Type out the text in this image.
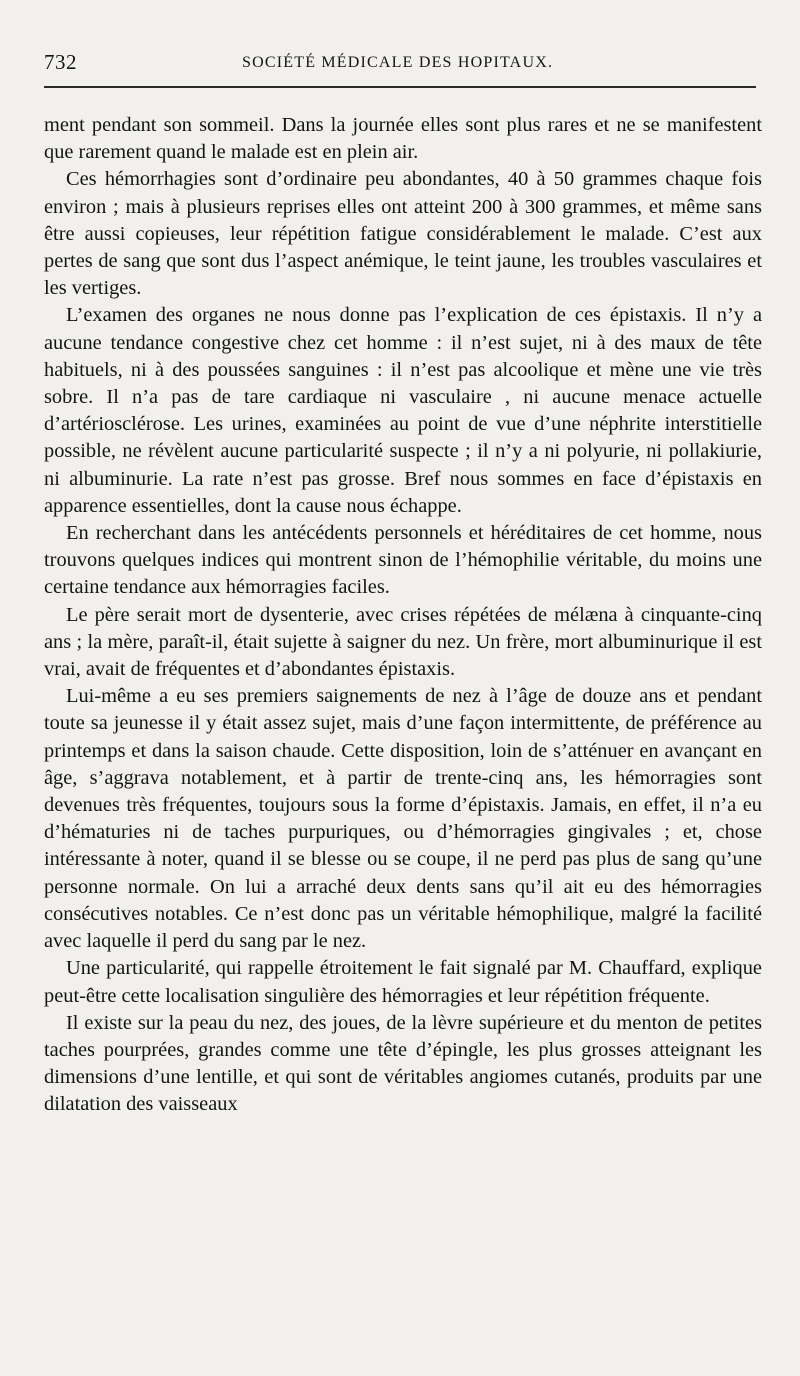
732	SOCIÉTÉ MÉDICALE DES HOPITAUX.

ment pendant son sommeil. Dans la journée elles sont plus rares et ne se manifestent que rarement quand le malade est en plein air.

Ces hémorrhagies sont d’ordinaire peu abondantes, 40 à 50 grammes chaque fois environ ; mais à plusieurs reprises elles ont atteint 200 à 300 grammes, et même sans être aussi copieuses, leur répétition fatigue considérablement le malade. C’est aux pertes de sang que sont dus l’aspect anémique, le teint jaune, les troubles vasculaires et les vertiges.

L’examen des organes ne nous donne pas l’explication de ces épistaxis. Il n’y a aucune tendance congestive chez cet homme : il n’est sujet, ni à des maux de tête habituels, ni à des poussées sanguines : il n’est pas alcoolique et mène une vie très sobre. Il n’a pas de tare cardiaque ni vasculaire , ni aucune menace actuelle d’artériosclérose. Les urines, examinées au point de vue d’une néphrite interstitielle possible, ne révèlent aucune particularité suspecte ; il n’y a ni polyurie, ni pollakiurie, ni albuminurie. La rate n’est pas grosse. Bref nous sommes en face d’épistaxis en apparence essentielles, dont la cause nous échappe.

En recherchant dans les antécédents personnels et héréditaires de cet homme, nous trouvons quelques indices qui montrent sinon de l’hémophilie véritable, du moins une certaine tendance aux hémorragies faciles.

Le père serait mort de dysenterie, avec crises répétées de mélæna à cinquante-cinq ans ; la mère, paraît-il, était sujette à saigner du nez. Un frère, mort albuminurique il est vrai, avait de fréquentes et d’abondantes épistaxis.

Lui-même a eu ses premiers saignements de nez à l’âge de douze ans et pendant toute sa jeunesse il y était assez sujet, mais d’une façon intermittente, de préférence au printemps et dans la saison chaude. Cette disposition, loin de s’atténuer en avançant en âge, s’aggrava notablement, et à partir de trente-cinq ans, les hémorragies sont devenues très fréquentes, toujours sous la forme d’épistaxis. Jamais, en effet, il n’a eu d’hématuries ni de taches purpuriques, ou d’hémorragies gingivales ; et, chose intéressante à noter, quand il se blesse ou se coupe, il ne perd pas plus de sang qu’une personne normale. On lui a arraché deux dents sans qu’il ait eu des hémorragies consécutives notables. Ce n’est donc pas un véritable hémophilique, malgré la facilité avec laquelle il perd du sang par le nez.

Une particularité, qui rappelle étroitement le fait signalé par M. Chauffard, explique peut-être cette localisation singulière des hémorragies et leur répétition fréquente.

Il existe sur la peau du nez, des joues, de la lèvre supérieure et du menton de petites taches pourprées, grandes comme une tête d’épingle, les plus grosses atteignant les dimensions d’une lentille, et qui sont de véritables angiomes cutanés, produits par une dilatation des vaisseaux
